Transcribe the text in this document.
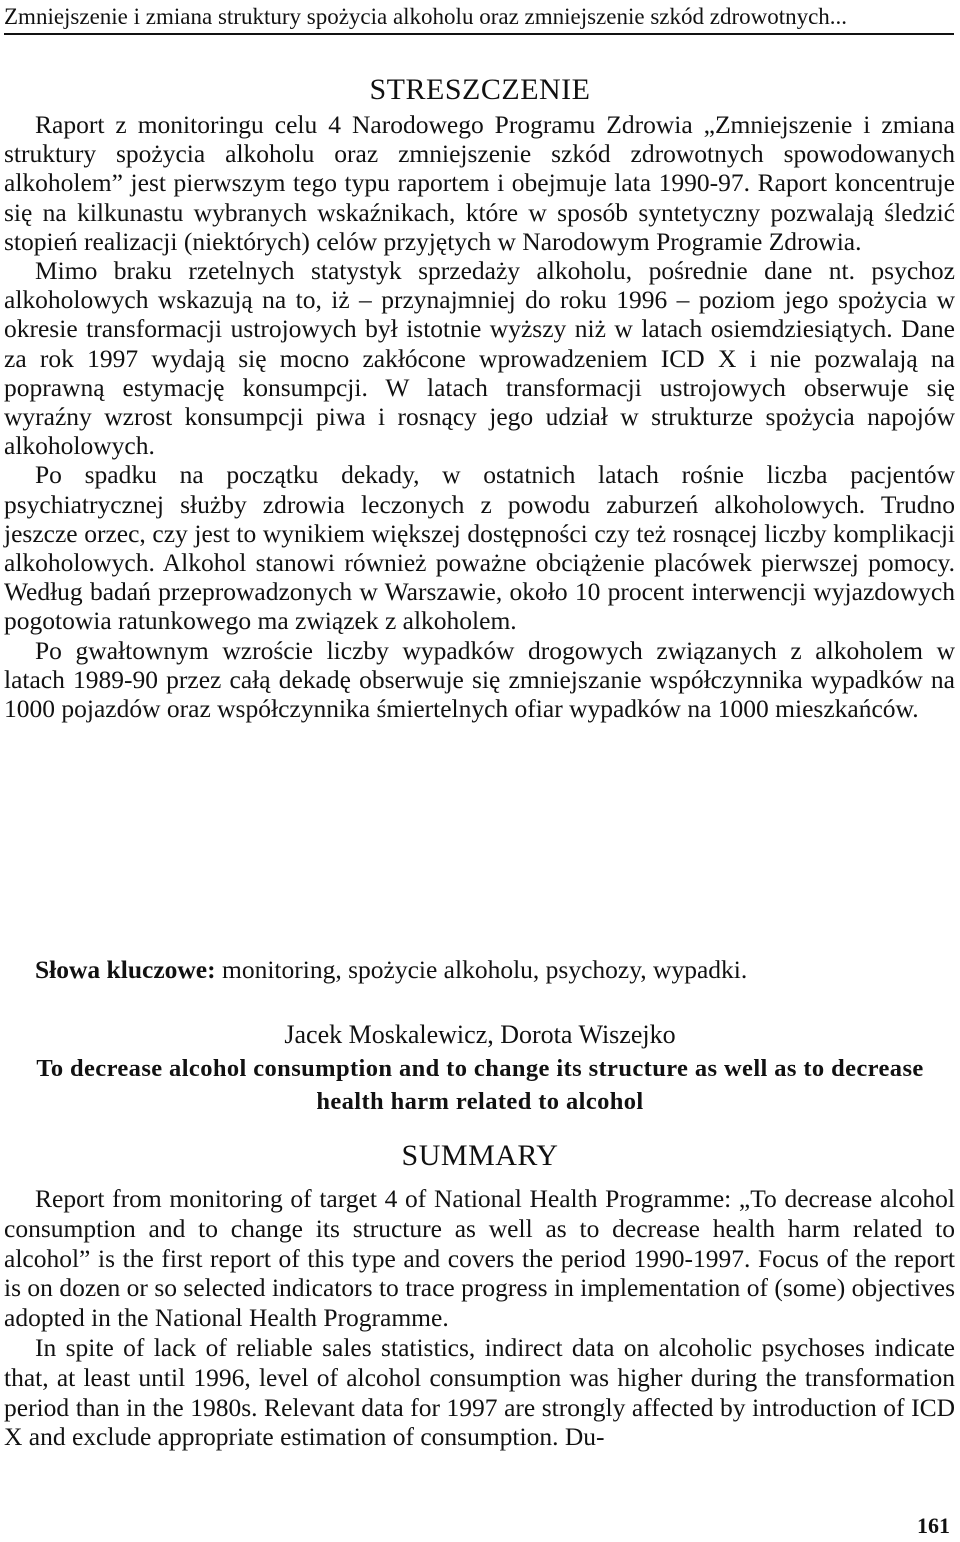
Zmniejszenie i zmiana struktury spożycia alkoholu oraz zmniejszenie szkód zdrowotnych...
STRESZCZENIE

Raport z monitoringu celu 4 Narodowego Programu Zdrowia „Zmniejszenie i zmiana struktury spożycia alkoholu oraz zmniejszenie szkód zdrowotnych spowodowanych alkoholem” jest pierwszym tego typu raportem i obejmuje lata 1990-97. Raport koncentruje się na kilkunastu wybranych wskaźnikach, które w sposób syntetyczny pozwalają śledzić stopień realizacji (niektórych) celów przyjętych w Narodowym Programie Zdrowia.

Mimo braku rzetelnych statystyk sprzedaży alkoholu, pośrednie dane nt. psychoz alkoholowych wskazują na to, iż – przynajmniej do roku 1996 – poziom jego spożycia w okresie transformacji ustrojowych był istotnie wyższy niż w latach osiemdziesiątych. Dane za rok 1997 wydają się mocno zakłócone wprowadzeniem ICD X i nie pozwalają na poprawną estymację konsumpcji. W latach transformacji ustrojowych obserwuje się wyraźny wzrost konsumpcji piwa i rosnący jego udział w strukturze spożycia napojów alkoholowych.

Po spadku na początku dekady, w ostatnich latach rośnie liczba pacjentów psychiatrycznej służby zdrowia leczonych z powodu zaburzeń alkoholowych. Trudno jeszcze orzec, czy jest to wynikiem większej dostępności czy też rosnącej liczby komplikacji alkoholowych. Alkohol stanowi również poważne obciążenie placówek pierwszej pomocy. Według badań przeprowadzonych w Warszawie, około 10 procent interwencji wyjazdowych pogotowia ratunkowego ma związek z alkoholem.

Po gwałtownym wzroście liczby wypadków drogowych związanych z alkoholem w latach 1989-90 przez całą dekadę obserwuje się zmniejszanie współczynnika wypadków na 1000 pojazdów oraz współczynnika śmiertelnych ofiar wypadków na 1000 mieszkańców.

Słowa kluczowe: monitoring, spożycie alkoholu, psychozy, wypadki.
Jacek Moskalewicz, Dorota Wiszejko
To decrease alcohol consumption and to change its structure as well as to decrease health harm related to alcohol
SUMMARY

Report from monitoring of target 4 of National Health Programme: „To decrease alcohol consumption and to change its structure as well as to decrease health harm related to alcohol” is the first report of this type and covers the period 1990-1997. Focus of the report is on dozen or so selected indicators to trace progress in implementation of (some) objectives adopted in the National Health Programme.

In spite of lack of reliable sales statistics, indirect data on alcoholic psychoses indicate that, at least until 1996, level of alcohol consumption was higher during the transformation period than in the 1980s. Relevant data for 1997 are strongly affected by introduction of ICD X and exclude appropriate estimation of consumption. Du-

161
